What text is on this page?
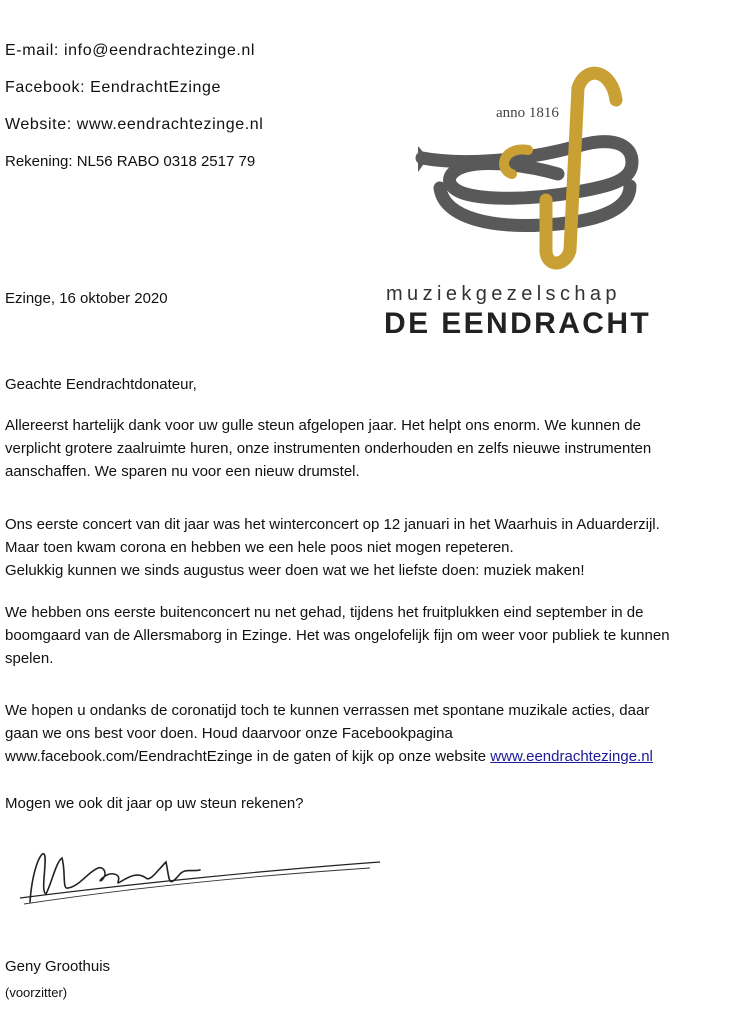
E-mail: info@eendrachtezinge.nl
Facebook: EendrachtEzinge
Website: www.eendrachtezinge.nl
Rekening: NL56 RABO 0318 2517 79
anno 1816
muziekgezelschap
DE EENDRACHT
Ezinge, 16 oktober 2020
Geachte Eendrachtdonateur,
Allereerst hartelijk dank voor uw gulle steun afgelopen jaar. Het helpt ons enorm. We kunnen de
verplicht grotere zaalruimte huren, onze instrumenten onderhouden en zelfs nieuwe instrumenten
aanschaffen. We sparen nu voor een nieuw drumstel.
Ons eerste concert van dit jaar was het winterconcert op 12 januari in het Waarhuis in Aduarderzijl.
Maar toen kwam corona en hebben we een hele poos niet mogen repeteren.
Gelukkig kunnen we sinds augustus weer doen wat we het liefste doen: muziek maken!
We hebben ons eerste buitenconcert nu net gehad, tijdens het fruitplukken eind september in de
boomgaard van de Allersmaborg in Ezinge. Het was ongelofelijk fijn om weer voor publiek te kunnen
spelen.
We hopen u ondanks de coronatijd toch te kunnen verrassen met spontane muzikale acties, daar
gaan we ons best voor doen. Houd daarvoor onze Facebookpagina
www.facebook.com/EendrachtEzinge in de gaten of kijk op onze website www.eendrachtezinge.nl
Mogen we ook dit jaar op uw steun rekenen?
Geny Groothuis
(voorzitter)
